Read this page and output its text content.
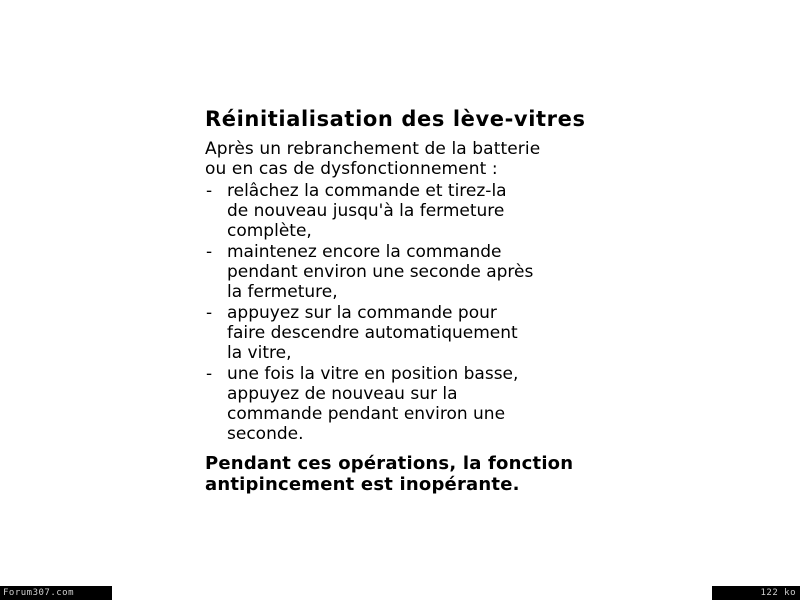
Réinitialisation des lève-vitres
Après un rebranchement de la batterie
ou en cas de dysfonctionnement :
- relâchez la commande et tirez-la
de nouveau jusqu'à la fermeture
complète,
- maintenez encore la commande
pendant environ une seconde après
la fermeture,
- appuyez sur la commande pour
faire descendre automatiquement
la vitre,
- une fois la vitre en position basse,
appuyez de nouveau sur la
commande pendant environ une
seconde.
Pendant ces opérations, la fonction
antipincement est inopérante.
Forum307.com	122 ko
